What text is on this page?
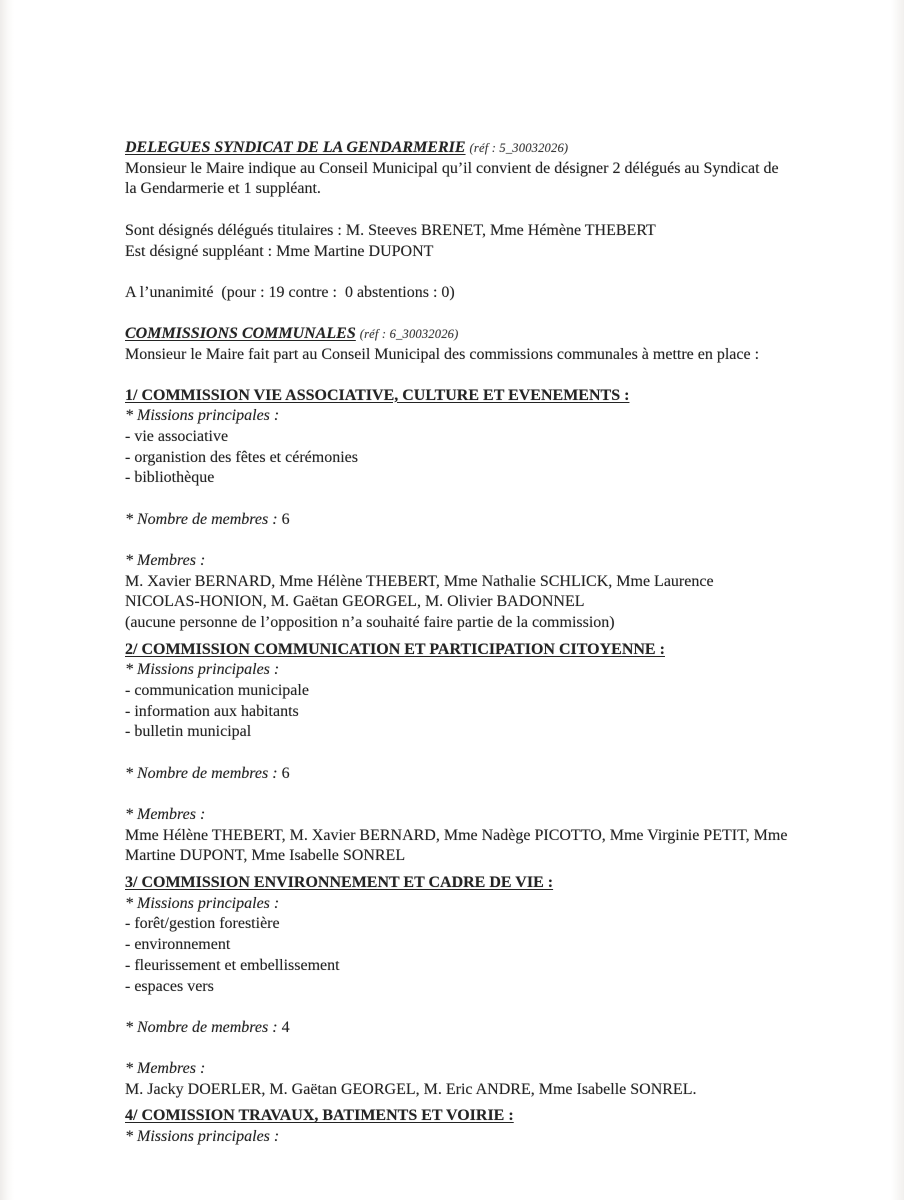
DELEGUES SYNDICAT DE LA GENDARMERIE (réf : 5_30032026)
Monsieur le Maire indique au Conseil Municipal qu’il convient de désigner 2 délégués au Syndicat de la Gendarmerie et 1 suppléant.
Sont désignés délégués titulaires : M. Steeves BRENET, Mme Hémène THEBERT
Est désigné suppléant : Mme Martine DUPONT
A l’unanimité  (pour : 19 contre :  0 abstentions : 0)
COMMISSIONS COMMUNALES (réf : 6_30032026)
Monsieur le Maire fait part au Conseil Municipal des commissions communales à mettre en place :
1/ COMMISSION VIE ASSOCIATIVE, CULTURE ET EVENEMENTS :
* Missions principales :
- vie associative
- organistion des fêtes et cérémonies
- bibliothèque
* Nombre de membres : 6
* Membres :
M. Xavier BERNARD, Mme Hélène THEBERT, Mme Nathalie SCHLICK, Mme Laurence NICOLAS-HONION, M. Gaëtan GEORGEL, M. Olivier BADONNEL
(aucune personne de l’opposition n’a souhaité faire partie de la commission)
2/ COMMISSION COMMUNICATION ET PARTICIPATION CITOYENNE :
* Missions principales :
- communication municipale
- information aux habitants
- bulletin municipal
* Nombre de membres : 6
* Membres :
Mme Hélène THEBERT, M. Xavier BERNARD, Mme Nadège PICOTTO, Mme Virginie PETIT, Mme Martine DUPONT, Mme Isabelle SONREL
3/ COMMISSION ENVIRONNEMENT ET CADRE DE VIE :
* Missions principales :
- forêt/gestion forestière
- environnement
- fleurissement et embellissement
- espaces vers
* Nombre de membres : 4
* Membres :
M. Jacky DOERLER, M. Gaëtan GEORGEL, M. Eric ANDRE, Mme Isabelle SONREL.
4/ COMISSION TRAVAUX, BATIMENTS ET VOIRIE :
* Missions principales :
